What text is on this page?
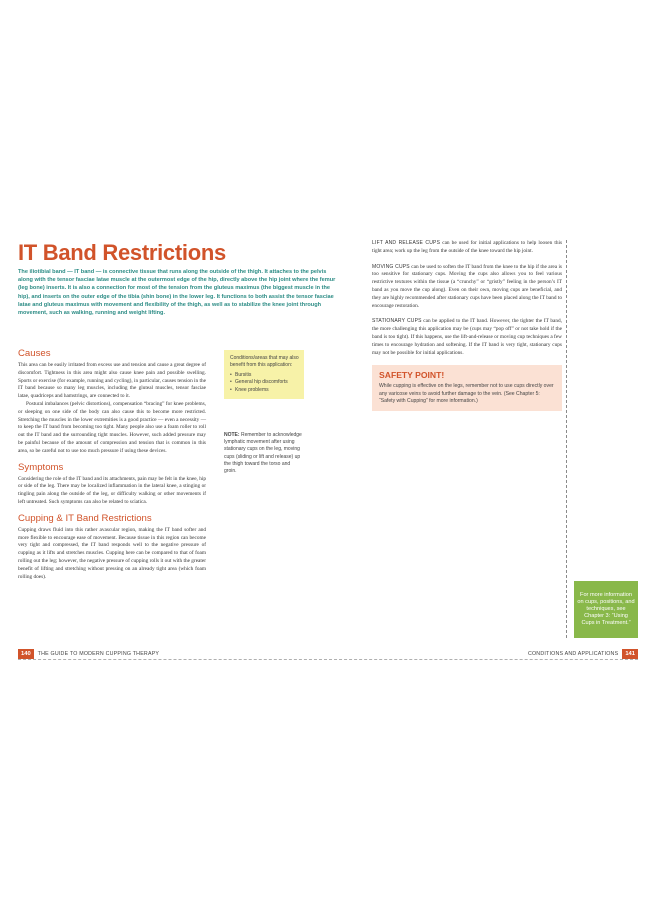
IT Band Restrictions

The iliotibial band — IT band — is connective tissue that runs along the outside of the thigh. It attaches to the pelvis along with the tensor fasciae latae muscle at the outermost edge of the hip, directly above the hip joint where the femur (leg bone) inserts. It is also a connection for most of the tension from the gluteus maximus (the biggest muscle in the hip), and inserts on the outer edge of the tibia (shin bone) in the lower leg. It functions to both assist the tensor fasciae latae and gluteus maximus with movement and flexibility of the thigh, as well as to stabilize the knee joint through movement, such as walking, running and weight lifting.

Causes

This area can be easily irritated from excess use and tension and cause a great degree of discomfort. Tightness in this area might also cause knee pain and possible swelling. Sports or exercise (for example, running and cycling), in particular, causes tension in the IT band because so many leg muscles, including the gluteal muscles, tensor fasciae latae, quadriceps and hamstrings, are connected to it.

Postural imbalances (pelvic distortions), compensation “bracing” for knee problems, or sleeping on one side of the body can also cause this to become more restricted. Stretching the muscles in the lower extremities is a good practice — even a necessity — to keep the IT band from becoming too tight. Many people also use a foam roller to roll out the IT band and the surrounding tight muscles. However, such added pressure may be painful because of the amount of compression and tension that is common in this area, so be careful not to use too much pressure if using these devices.

Symptoms

Considering the role of the IT band and its attachments, pain may be felt in the knee, hip or side of the leg. There may be localized inflammation in the lateral knee, a stinging or tingling pain along the outside of the leg, or difficulty walking or other movements if left untreated. Such symptoms can also be related to sciatica.

Cupping & IT Band Restrictions

Cupping draws fluid into this rather avascular region, making the IT band softer and more flexible to encourage ease of movement. Because tissue in this region can become very tight and compressed, the IT band responds well to the negative pressure of cupping as it lifts and stretches muscles. Cupping here can be compared to that of foam rolling out the leg; however, the negative pressure of cupping rolls it out with the greater benefit of lifting and stretching without pressing on an already tight area (which foam rolling does).

Conditions/areas that may also benefit from this application:

• Bursitis
• General hip discomforts
• Knee problems

NOTE: Remember to acknowledge lymphatic movement after using stationary cups on the leg, moving cups (sliding or lift and release) up the thigh toward the torso and groin.

LIFT AND RELEASE CUPS can be used for initial applications to help loosen this tight area; work up the leg from the outside of the knee toward the hip joint.

MOVING CUPS can be used to soften the IT band from the knee to the hip if the area is too sensitive for stationary cups. Moving the cups also allows you to feel various restrictive textures within the tissue (a “crunchy” or “gristly” feeling in the person’s IT band as you move the cup along). Even on their own, moving cups are beneficial, and they are highly recommended after stationary cups have been placed along the IT band to encourage restoration.

STATIONARY CUPS can be applied to the IT band. However, the tighter the IT band, the more challenging this application may be (cups may “pop off” or not take hold if the band is too tight). If this happens, use the lift-and-release or moving cup techniques a few times to encourage hydration and softening. If the IT band is very tight, stationary cups may not be possible for initial applications.

SAFETY POINT!

While cupping is effective on the legs, remember not to use cups directly over any varicose veins to avoid further damage to the vein. (See Chapter 5: “Safety with Cupping” for more information.)

For more information on cups, positions, and techniques, see Chapter 3: “Using Cups in Treatment.”
140	THE GUIDE TO MODERN CUPPING THERAPY	CONDITIONS AND APPLICATIONS	141
